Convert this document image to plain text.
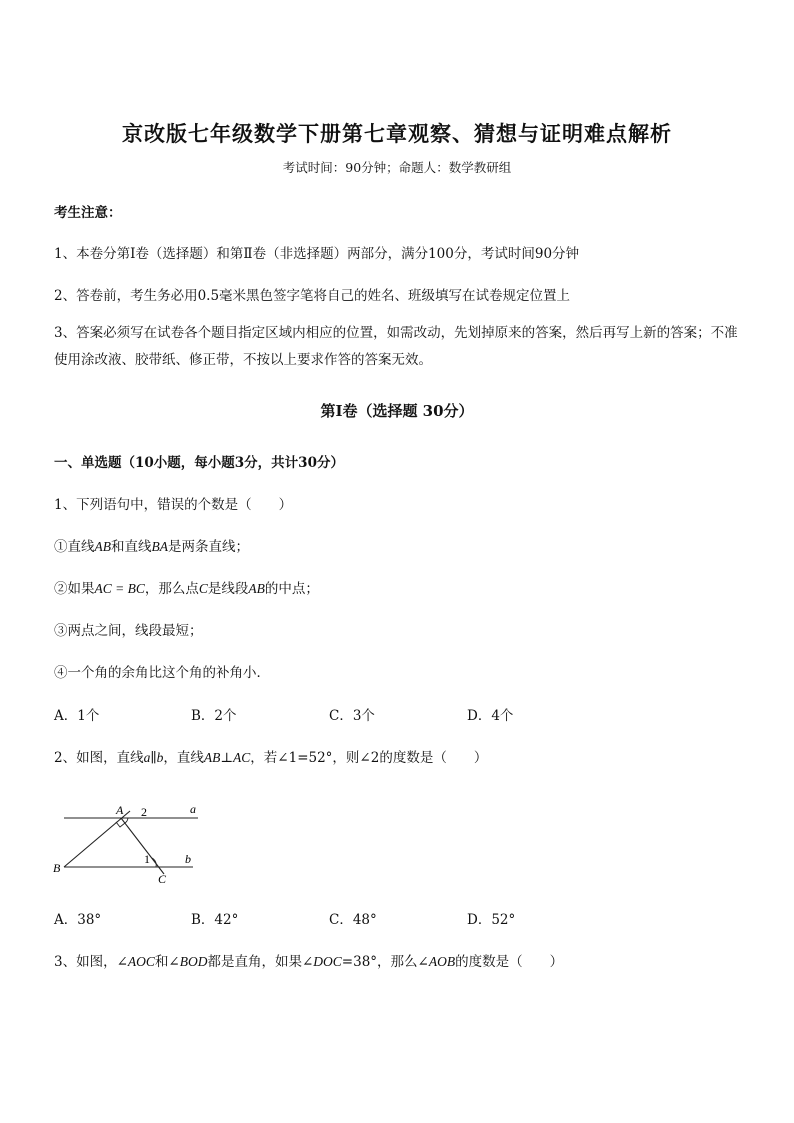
京改版七年级数学下册第七章观察、猜想与证明难点解析
考试时间：90分钟；命题人：数学教研组
考生注意：
1、本卷分第Ⅰ卷（选择题）和第Ⅱ卷（非选择题）两部分，满分100分，考试时间90分钟
2、答卷前，考生务必用0.5毫米黑色签字笔将自己的姓名、班级填写在试卷规定位置上
3、答案必须写在试卷各个题目指定区域内相应的位置，如需改动，先划掉原来的答案，然后再写上新的答案；不准使用涂改液、胶带纸、修正带，不按以上要求作答的答案无效。
第Ⅰ卷（选择题 30分）
一、单选题（10小题，每小题3分，共计30分）
1、下列语句中，错误的个数是（　　）
①直线AB和直线BA是两条直线；
②如果AC = BC，那么点C是线段AB的中点；
③两点之间，线段最短；
④一个角的余角比这个角的补角小．
A．1个	B．2个	C．3个	D．4个
2、如图，直线a∥b，直线AB⊥AC，若∠1=52°，则∠2的度数是（　　）
A 2	a
1	b
B
C
A．38°	B．42°	C．48°	D．52°
3、如图，∠AOC和∠BOD都是直角，如果∠DOC=38°，那么∠AOB的度数是（　　）
